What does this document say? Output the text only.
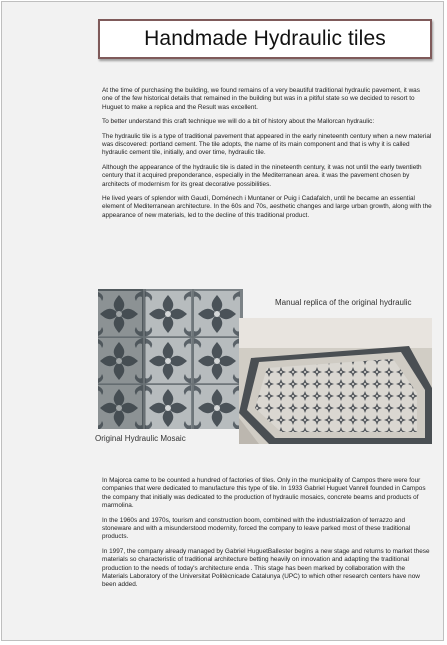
Handmade Hydraulic tiles

At the time of purchasing the building, we found remains of a very beautiful traditional hydraulic pavement, it was one of the few historical details that remained in the building but was in a pitiful state so we decided to resort to Huguet to make a replica and the Result was excellent.

To better understand this craft technique we will do a bit of history about the Mallorcan hydraulic:

The hydraulic tile is a type of traditional pavement that appeared in the early nineteenth century when a new material was discovered: portland cement. The tile adopts, the name of its main component and that is why it is called hydraulic cement tile, initially, and over time, hydraulic tile.

Although the appearance of the hydraulic tile is dated in the nineteenth century, it was not until the early twentieth century that it acquired preponderance, especially in the Mediterranean area. it was the pavement chosen by architects of modernism for its great decorative possibilities.

He lived years of splendor with Gaudí, Doménech i Muntaner or Puig i Cadafalch, until he became an essential element of Mediterranean architecture. In the 60s and 70s, aesthetic changes and large urban growth, along with the appearance of new materials, led to the decline of this traditional product.

Manual replica of the original hydraulic
Original Hydraulic Mosaic

In Majorca came to be counted a hundred of factories of tiles. Only in the municipality of Campos there were four companies that were dedicated to manufacture this type of tile. In 1933 Gabriel Huguet Vanrell founded in Campos the company that initially was dedicated to the production of hydraulic mosaics, concrete beams and products of marmolina.

In the 1960s and 1970s, tourism and construction boom, combined with the industrialization of terrazzo and stoneware and with a misunderstood modernity, forced the company to leave parked most of these traditional products.

In 1997, the company already managed by Gabriel HuguetBallester begins a new stage and returns to market these materials so characteristic of traditional architecture betting heavily on innovation and adapting the traditional production to the needs of today's architecture enda . This stage has been marked by collaboration with the Materials Laboratory of the Universitat Politècnicade Catalunya (UPC) to which other research centers have now been added.
